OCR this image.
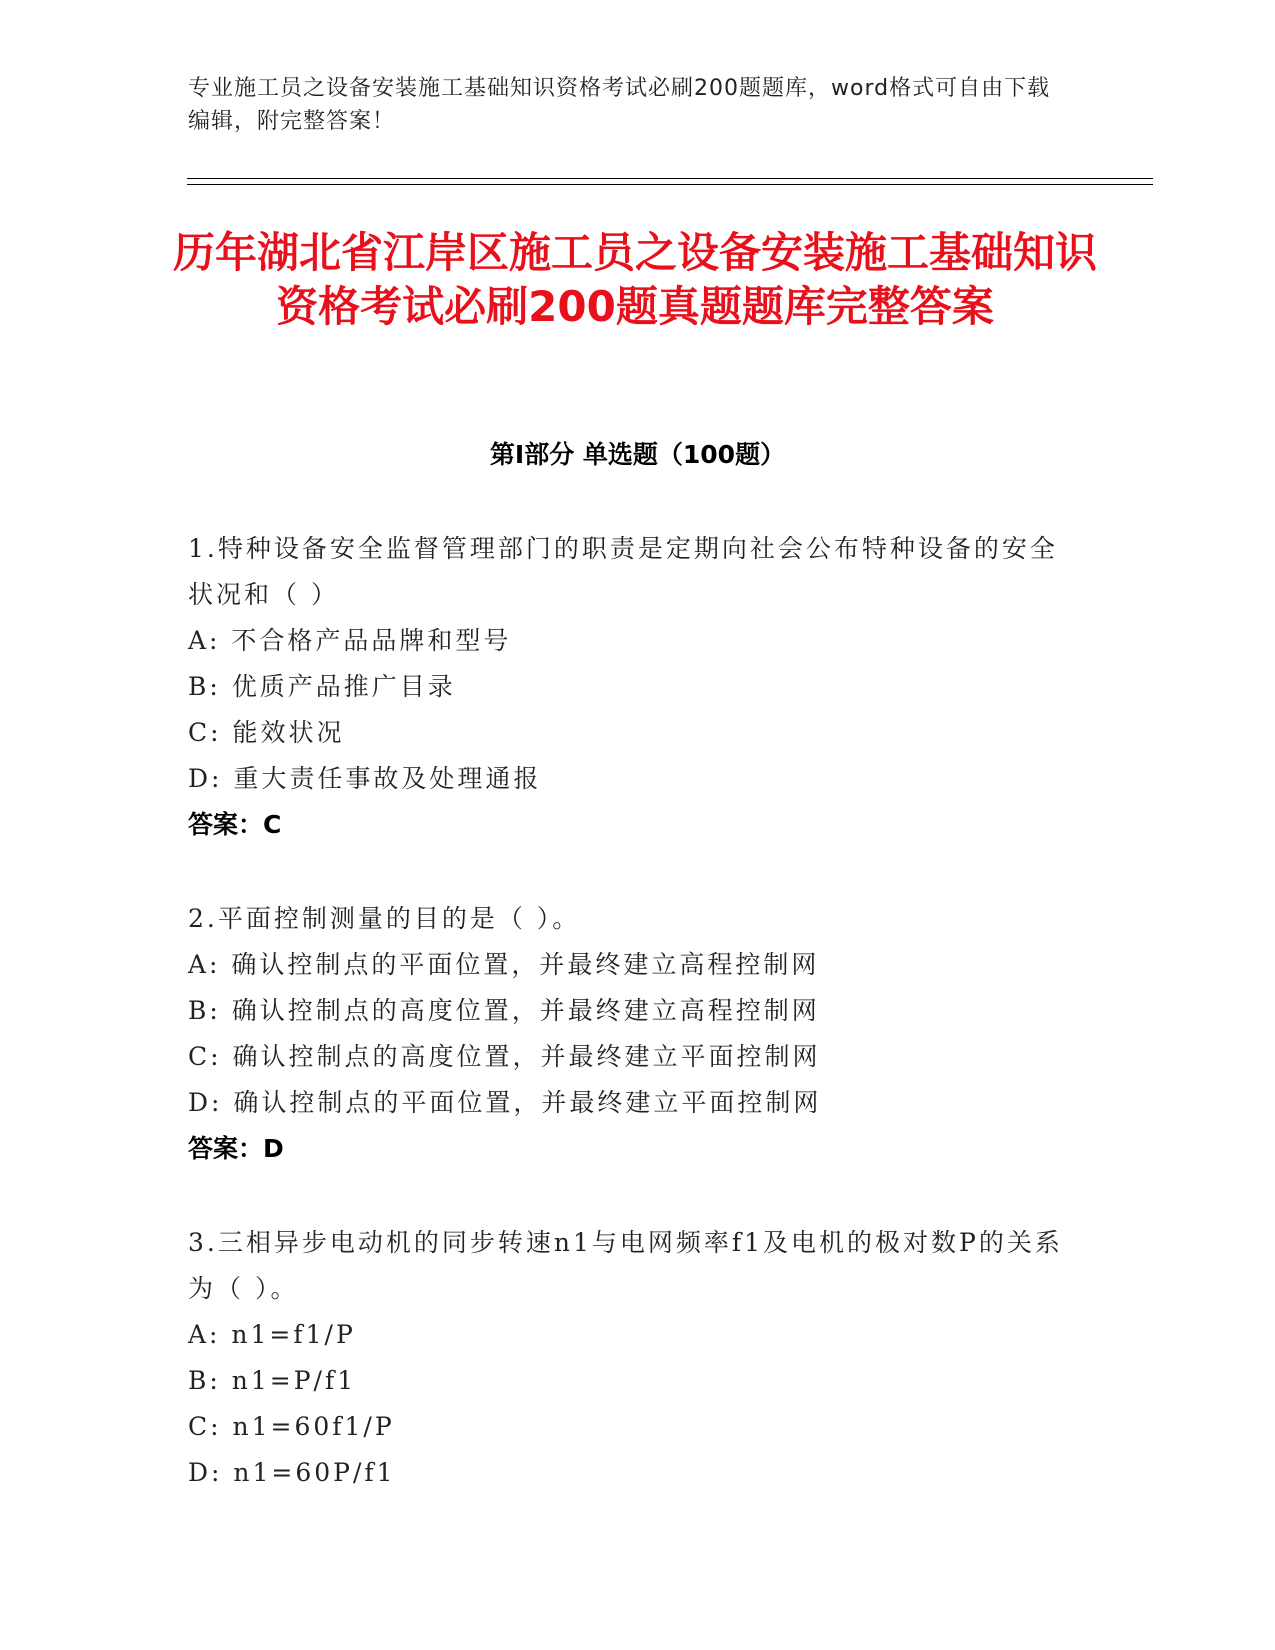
专业施工员之设备安装施工基础知识资格考试必刷200题题库，word格式可自由下载编辑，附完整答案！
历年湖北省江岸区施工员之设备安装施工基础知识资格考试必刷200题真题题库完整答案
第Ⅰ部分 单选题（100题）
1.特种设备安全监督管理部门的职责是定期向社会公布特种设备的安全状况和（ ）
A: 不合格产品品牌和型号
B: 优质产品推广目录
C: 能效状况
D: 重大责任事故及处理通报
答案：C
2.平面控制测量的目的是（ ）。
A: 确认控制点的平面位置，并最终建立高程控制网
B: 确认控制点的高度位置，并最终建立高程控制网
C: 确认控制点的高度位置，并最终建立平面控制网
D: 确认控制点的平面位置，并最终建立平面控制网
答案：D
3.三相异步电动机的同步转速n1与电网频率f1及电机的极对数P的关系为（ ）。
A: n1=f1/P
B: n1=P/f1
C: n1=60f1/P
D: n1=60P/f1
